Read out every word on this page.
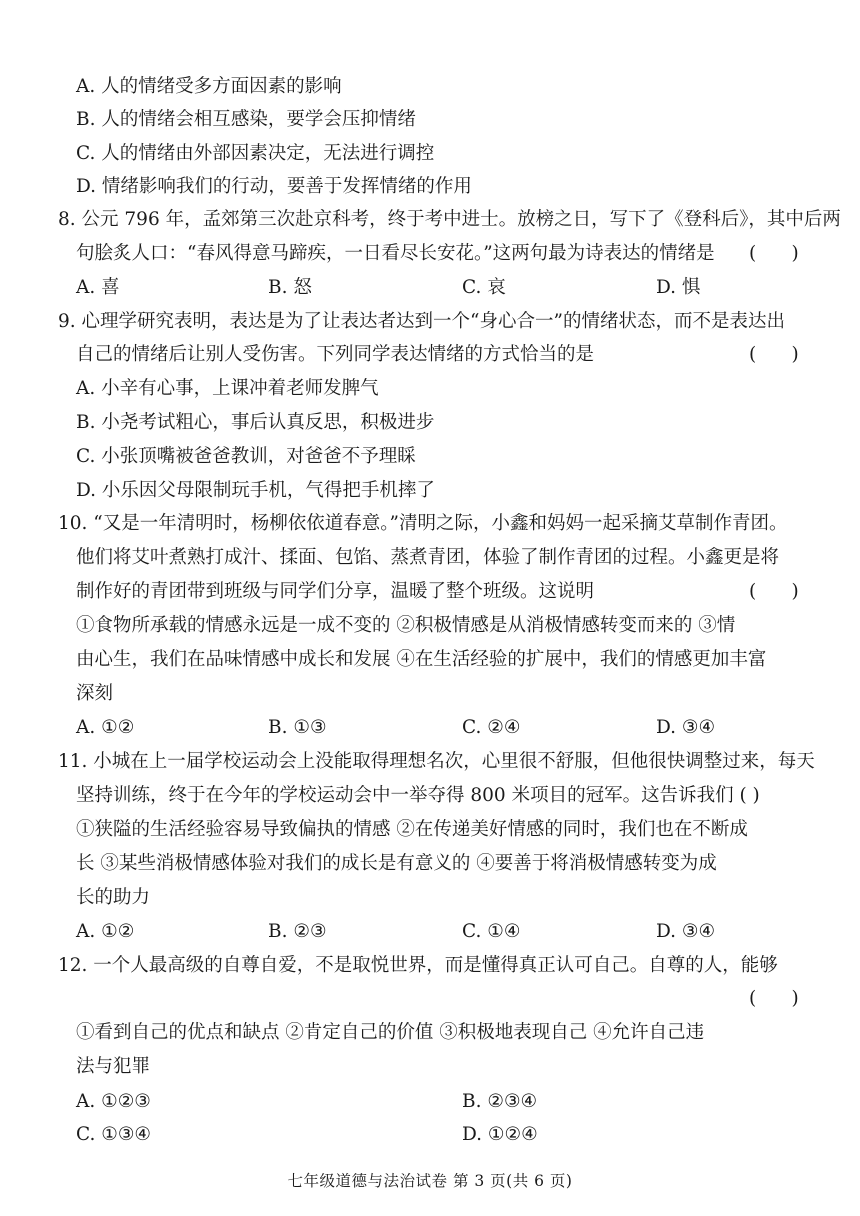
A. 人的情绪受多方面因素的影响
B. 人的情绪会相互感染，要学会压抑情绪
C. 人的情绪由外部因素决定，无法进行调控
D. 情绪影响我们的行动，要善于发挥情绪的作用
8. 公元 796 年，孟郊第三次赴京科考，终于考中进士。放榜之日，写下了《登科后》，其中后两
句脍炙人口：“春风得意马蹄疾，一日看尽长安花。”这两句最为诗表达的情绪是 (      )
A. 喜	B. 怒	C. 哀	D. 惧
9. 心理学研究表明，表达是为了让表达者达到一个“身心合一”的情绪状态，而不是表达出
自己的情绪后让别人受伤害。下列同学表达情绪的方式恰当的是	(      )
A. 小辛有心事，上课冲着老师发脾气
B. 小尧考试粗心，事后认真反思，积极进步
C. 小张顶嘴被爸爸教训，对爸爸不予理睬
D. 小乐因父母限制玩手机，气得把手机摔了
10. “又是一年清明时，杨柳依依道春意。”清明之际，小鑫和妈妈一起采摘艾草制作青团。
他们将艾叶煮熟打成汁、揉面、包馅、蒸煮青团，体验了制作青团的过程。小鑫更是将
制作好的青团带到班级与同学们分享，温暖了整个班级。这说明	(      )
①食物所承载的情感永远是一成不变的 ②积极情感是从消极情感转变而来的 ③情
由心生，我们在品味情感中成长和发展 ④在生活经验的扩展中，我们的情感更加丰富
深刻
A. ①②	B. ①③	C. ②④	D. ③④
11. 小城在上一届学校运动会上没能取得理想名次，心里很不舒服，但他很快调整过来，每天
坚持训练，终于在今年的学校运动会中一举夺得 800 米项目的冠军。这告诉我们 ( )
①狭隘的生活经验容易导致偏执的情感 ②在传递美好情感的同时，我们也在不断成
长 ③某些消极情感体验对我们的成长是有意义的 ④要善于将消极情感转变为成
长的助力
A. ①②	B. ②③	C. ①④	D. ③④
12. 一个人最高级的自尊自爱，不是取悦世界，而是懂得真正认可自己。自尊的人，能够
(      )
①看到自己的优点和缺点 ②肯定自己的价值 ③积极地表现自己 ④允许自己违
法与犯罪
A. ①②③	B. ②③④
C. ①③④	D. ①②④
七年级道德与法治试卷 第 3 页(共 6 页)
